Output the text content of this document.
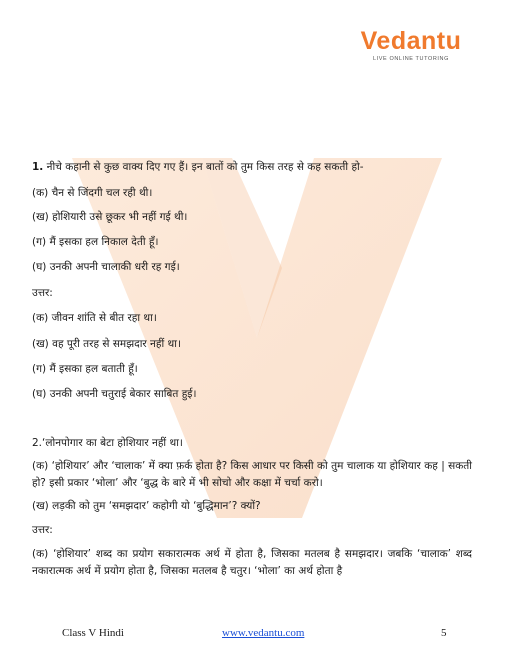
Vedantu
LIVE ONLINE TUTORING
1. नीचे कहानी से कुछ वाक्य दिए गए हैं। इन बातों को तुम किस तरह से कह सकती हो-
(क) चैन से जिंदगी चल रही थी।
(ख) होशियारी उसे छूकर भी नहीं गई थी।
(ग) मैं इसका हल निकाल देती हूँ।
(घ) उनकी अपनी चालाकी धरी रह गई।
उत्तर:
(क) जीवन शांति से बीत रहा था।
(ख) वह पूरी तरह से समझदार नहीं था।
(ग) मैं इसका हल बताती हूँ।
(घ) उनकी अपनी चतुराई बेकार साबित हुई।
2.‘लोनपोगार का बेटा होशियार नहीं था।
(क) ‘होशियार’ और ‘चालाक’ में क्या फ़र्क होता है? किस आधार पर किसी को तुम चालाक या होशियार कह | सकती हो? इसी प्रकार ‘भोला’ और ‘बुद्ध के बारे में भी सोचो और कक्षा में चर्चा करो।
(ख) लड़की को तुम ‘समझदार’ कहोगी यो ‘बुद्धिमान’? क्यों?
उत्तर:
(क) ‘होशियार’ शब्द का प्रयोग सकारात्मक अर्थ में होता है, जिसका मतलब है समझदार। जबकि ‘चालाक’ शब्द नकारात्मक अर्थ में प्रयोग होता है, जिसका मतलब है चतुर। ‘भोला’ का अर्थ होता है
Class V Hindi	www.vedantu.com	5
